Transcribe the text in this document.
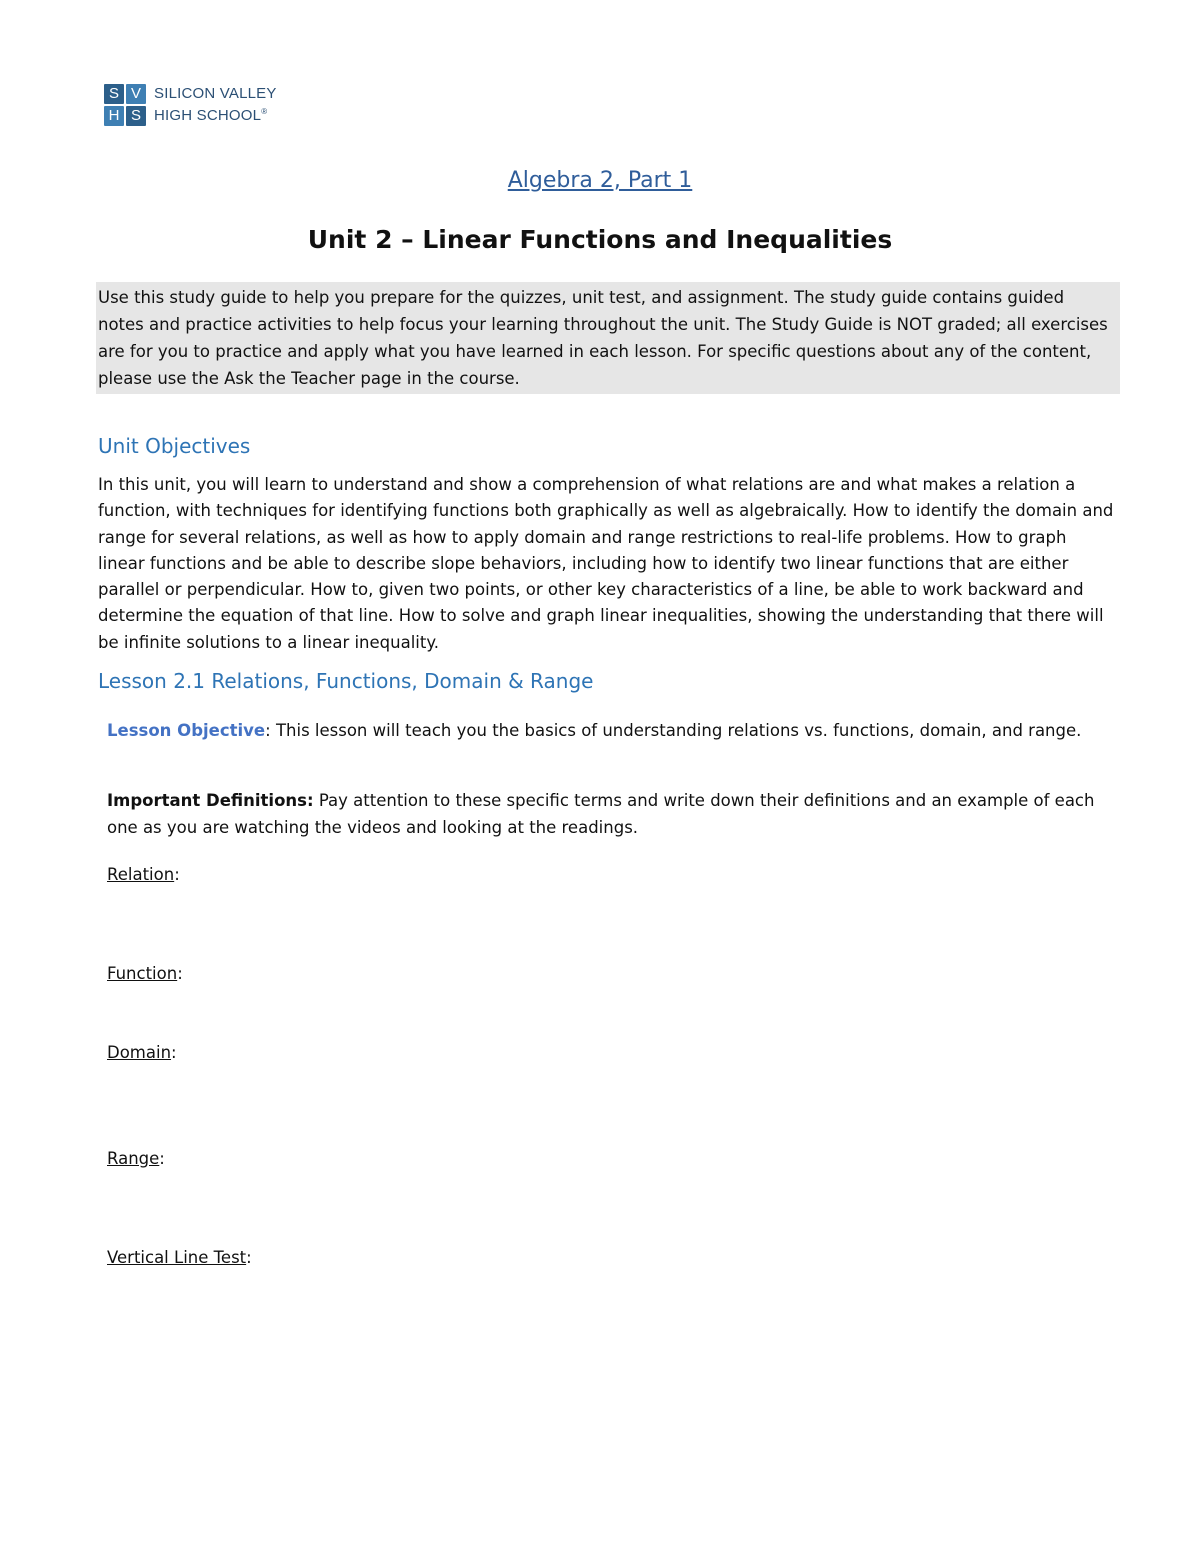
S V
H S
SILICON VALLEY
HIGH SCHOOL®
Algebra 2, Part 1
Unit 2 – Linear Functions and Inequalities
Use this study guide to help you prepare for the quizzes, unit test, and assignment. The study guide contains guided notes and practice activities to help focus your learning throughout the unit. The Study Guide is NOT graded; all exercises are for you to practice and apply what you have learned in each lesson. For specific questions about any of the content, please use the Ask the Teacher page in the course.
Unit Objectives
In this unit, you will learn to understand and show a comprehension of what relations are and what makes a relation a function, with techniques for identifying functions both graphically as well as algebraically. How to identify the domain and range for several relations, as well as how to apply domain and range restrictions to real-life problems. How to graph linear functions and be able to describe slope behaviors, including how to identify two linear functions that are either parallel or perpendicular. How to, given two points, or other key characteristics of a line, be able to work backward and determine the equation of that line. How to solve and graph linear inequalities, showing the understanding that there will be infinite solutions to a linear inequality.
Lesson 2.1 Relations, Functions, Domain & Range
Lesson Objective: This lesson will teach you the basics of understanding relations vs. functions, domain, and range.
Important Definitions: Pay attention to these specific terms and write down their definitions and an example of each one as you are watching the videos and looking at the readings.
Relation:
Function:
Domain:
Range:
Vertical Line Test:
